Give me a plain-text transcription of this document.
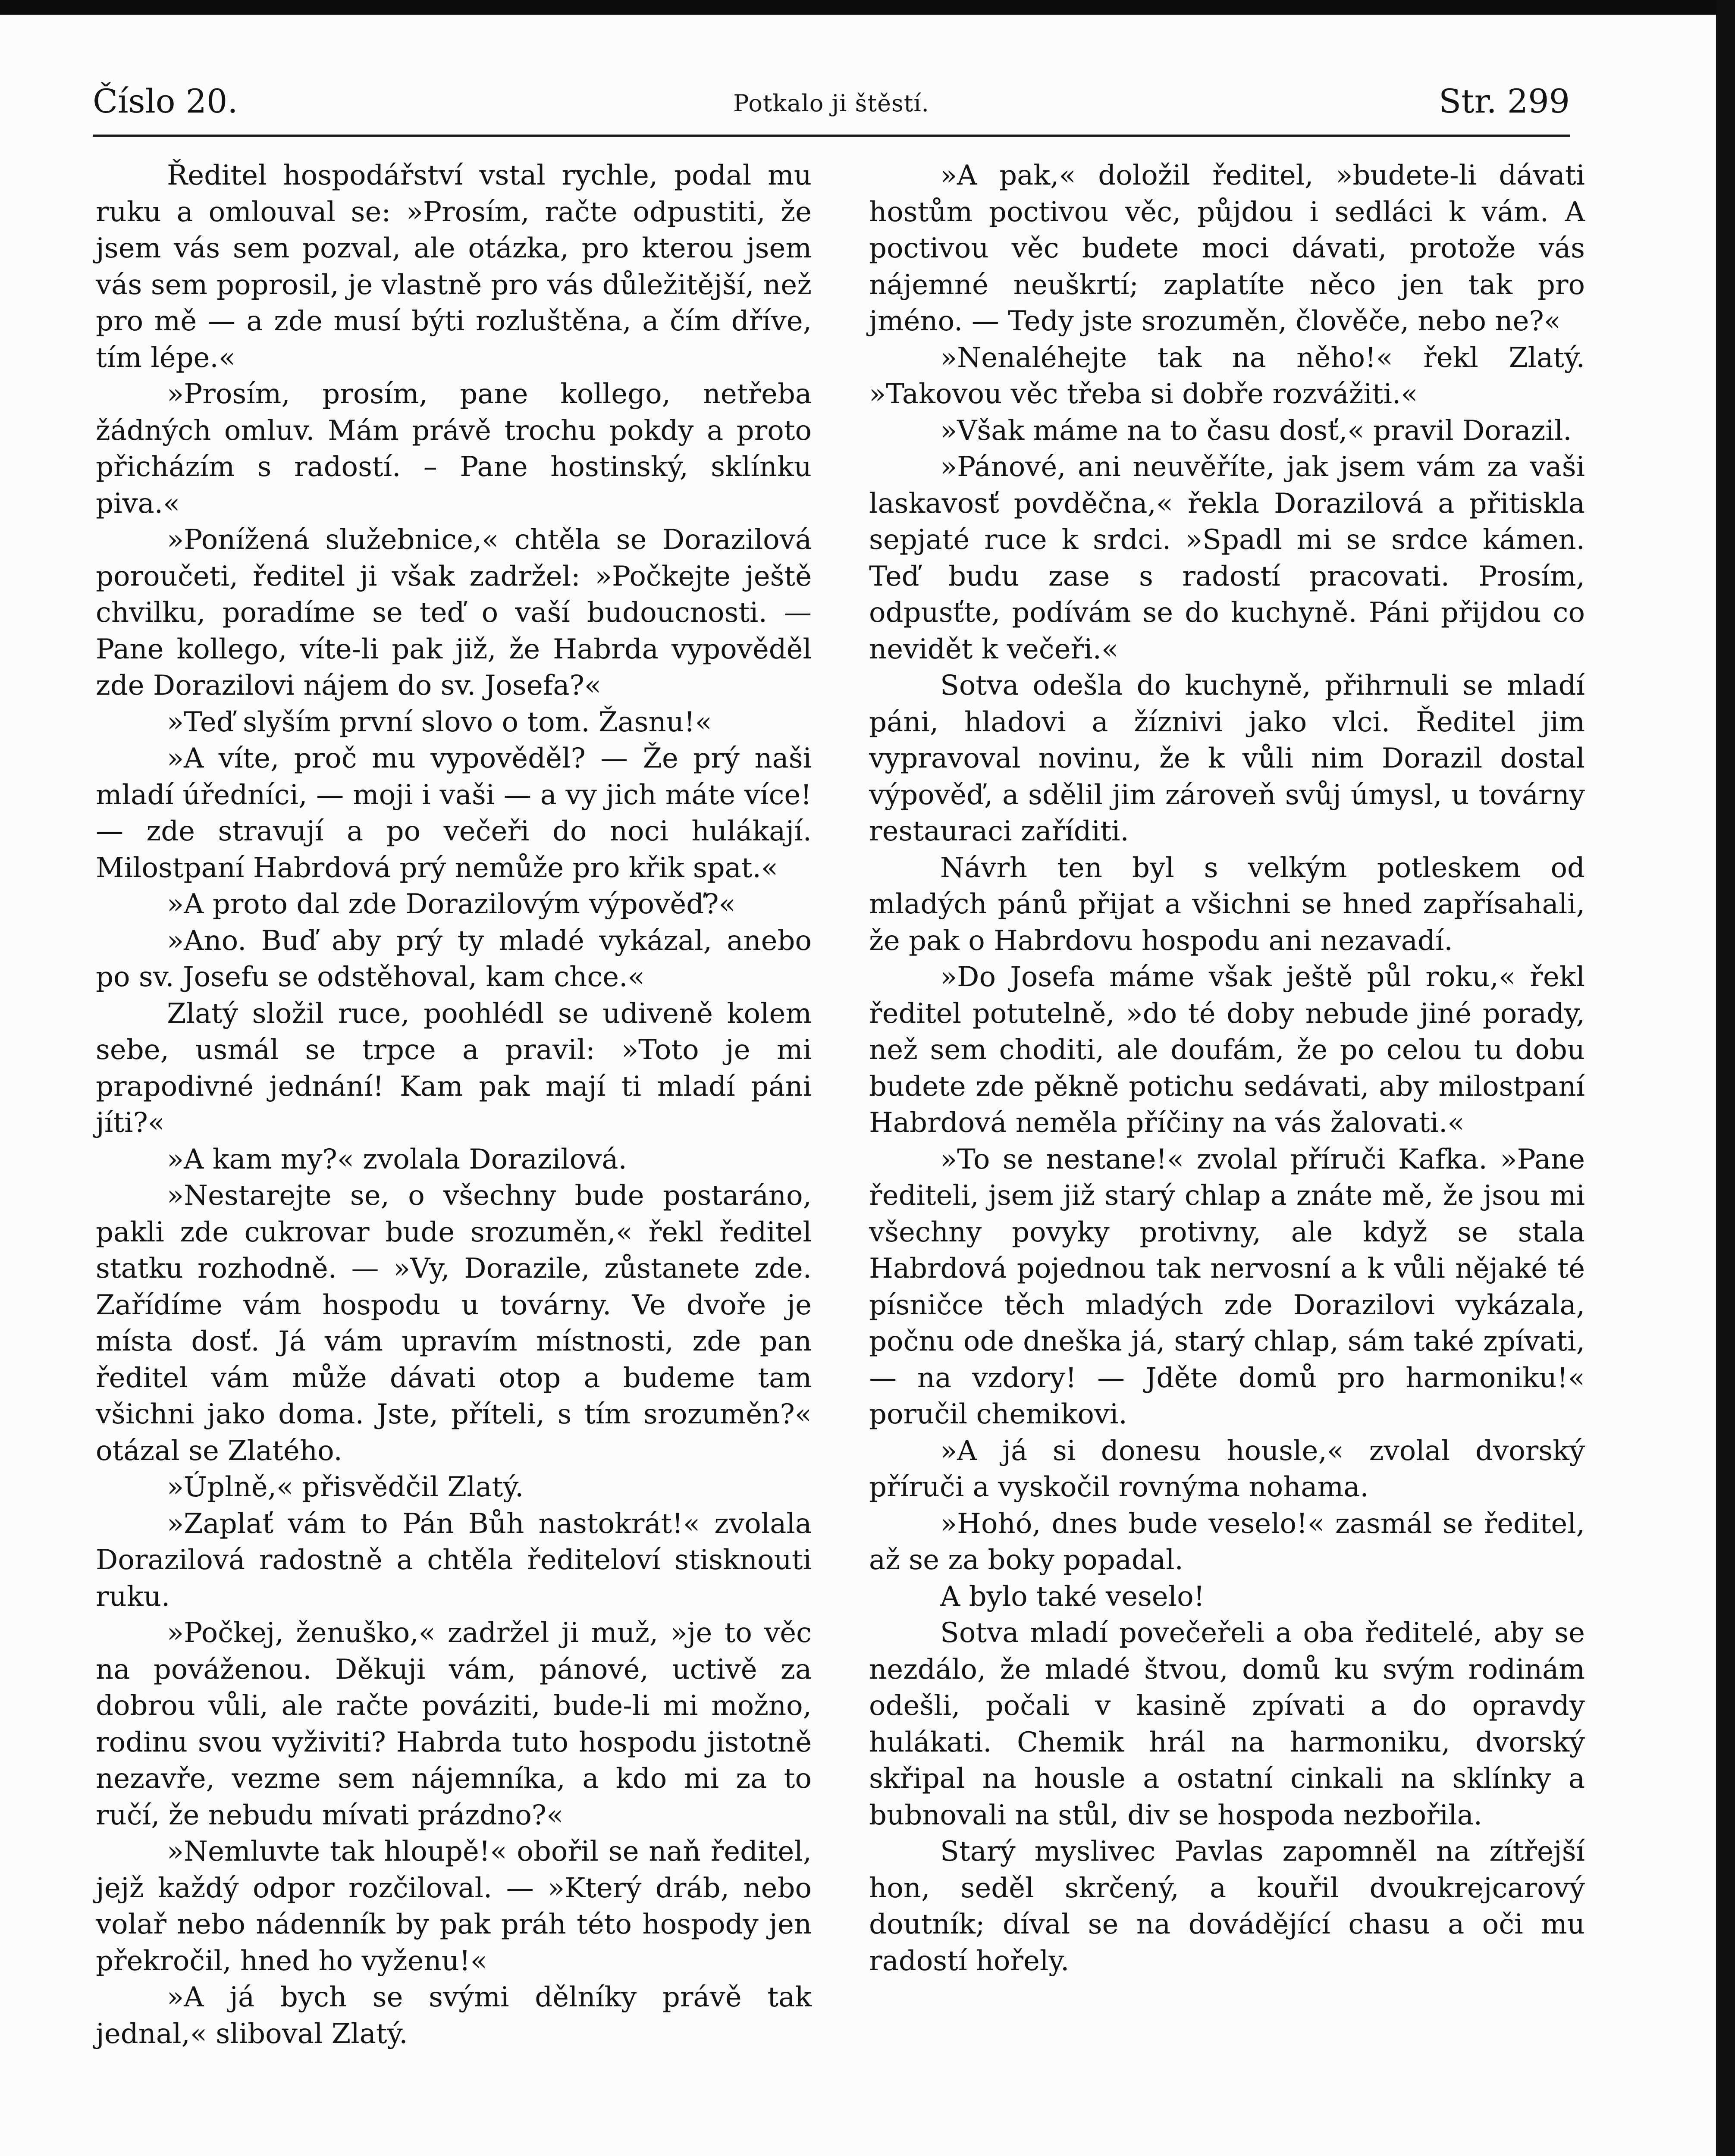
Číslo 20.	Potkalo ji štěstí.	Str. 299

Ředitel hospodářství vstal rychle, podal mu ruku a omlouval se: »Prosím, račte odpustiti, že jsem vás sem pozval, ale otázka, pro kterou jsem vás sem poprosil, je vlastně pro vás důležitější, než pro mě — a zde musí býti rozluštěna, a čím dříve, tím lépe.«

»Prosím, prosím, pane kollego, netřeba žádných omluv. Mám právě trochu pokdy a proto přicházím s radostí. – Pane hostinský, sklínku piva.«

»Ponížená služebnice,« chtěla se Dorazilová poroučeti, ředitel ji však zadržel: »Počkejte ještě chvilku, poradíme se teď o vaší budoucnosti. — Pane kollego, víte-li pak již, že Habrda vypověděl zde Dorazilovi nájem do sv. Josefa?«

»Teď slyším první slovo o tom. Žasnu!«

»A víte, proč mu vypověděl? — Že prý naši mladí úředníci, — moji i vaši — a vy jich máte více! — zde stravují a po večeři do noci hulákají. Milostpaní Habrdová prý nemůže pro křik spat.«

»A proto dal zde Dorazilovým výpověď?«

»Ano. Buď aby prý ty mladé vykázal, anebo po sv. Josefu se odstěhoval, kam chce.«

Zlatý složil ruce, poohlédl se udiveně kolem sebe, usmál se trpce a pravil: »Toto je mi prapodivné jednání! Kam pak mají ti mladí páni jíti?«

»A kam my?« zvolala Dorazilová.

»Nestarejte se, o všechny bude postaráno, pakli zde cukrovar bude srozuměn,« řekl ředitel statku rozhodně. — »Vy, Dorazile, zůstanete zde. Zařídíme vám hospodu u továrny. Ve dvoře je místa dosť. Já vám upravím místnosti, zde pan ředitel vám může dávati otop a budeme tam všichni jako doma. Jste, příteli, s tím srozuměn?« otázal se Zlatého.

»Úplně,« přisvědčil Zlatý.

»Zaplať vám to Pán Bůh nastokrát!« zvolala Dorazilová radostně a chtěla řediteloví stisknouti ruku.

»Počkej, ženuško,« zadržel ji muž, »je to věc na pováženou. Děkuji vám, pánové, uctivě za dobrou vůli, ale račte pováziti, bude-li mi možno, rodinu svou vyživiti? Habrda tuto hospodu jistotně nezavře, vezme sem nájemníka, a kdo mi za to ručí, že nebudu mívati prázdno?«

»Nemluvte tak hloupě!« obořil se naň ředitel, jejž každý odpor rozčiloval. — »Který dráb, nebo volař nebo nádenník by pak práh této hospody jen překročil, hned ho vyženu!«

»A já bych se svými dělníky právě tak jednal,« sliboval Zlatý.

»A pak,« doložil ředitel, »budete-li dávati hostům poctivou věc, půjdou i sedláci k vám. A poctivou věc budete moci dávati, protože vás nájemné neuškrtí; zaplatíte něco jen tak pro jméno. — Tedy jste srozuměn, člověče, nebo ne?«

»Nenaléhejte tak na něho!« řekl Zlatý. »Takovou věc třeba si dobře rozvážiti.«

»Však máme na to času dosť,« pravil Dorazil.

»Pánové, ani neuvěříte, jak jsem vám za vaši laskavosť povděčna,« řekla Dorazilová a přitiskla sepjaté ruce k srdci. »Spadl mi se srdce kámen. Teď budu zase s radostí pracovati. Prosím, odpusťte, podívám se do kuchyně. Páni přijdou co nevidět k večeři.«

Sotva odešla do kuchyně, přihrnuli se mladí páni, hladovi a žíznivi jako vlci. Ředitel jim vypravoval novinu, že k vůli nim Dorazil dostal výpověď, a sdělil jim zároveň svůj úmysl, u továrny restauraci zaříditi.

Návrh ten byl s velkým potleskem od mladých pánů přijat a všichni se hned zapřísahali, že pak o Habrdovu hospodu ani nezavadí.

»Do Josefa máme však ještě půl roku,« řekl ředitel potutelně, »do té doby nebude jiné porady, než sem choditi, ale doufám, že po celou tu dobu budete zde pěkně potichu sedávati, aby milostpaní Habrdová neměla příčiny na vás žalovati.«

»To se nestane!« zvolal příruči Kafka. »Pane řediteli, jsem již starý chlap a znáte mě, že jsou mi všechny povyky protivny, ale když se stala Habrdová pojednou tak nervosní a k vůli nějaké té písničce těch mladých zde Dorazilovi vykázala, počnu ode dneška já, starý chlap, sám také zpívati, — na vzdory! — Jděte domů pro harmoniku!« poručil chemikovi.

»A já si donesu housle,« zvolal dvorský příruči a vyskočil rovnýma nohama.

»Hohó, dnes bude veselo!« zasmál se ředitel, až se za boky popadal.

A bylo také veselo!

Sotva mladí povečeřeli a oba ředitelé, aby se nezdálo, že mladé štvou, domů ku svým rodinám odešli, počali v kasině zpívati a do opravdy hulákati. Chemik hrál na harmoniku, dvorský skřipal na housle a ostatní cinkali na sklínky a bubnovali na stůl, div se hospoda nezbořila.

Starý myslivec Pavlas zapomněl na zítřejší hon, seděl skrčený, a kouřil dvoukrejcarový doutník; díval se na dováděјící chasu a oči mu radostí hořely.
